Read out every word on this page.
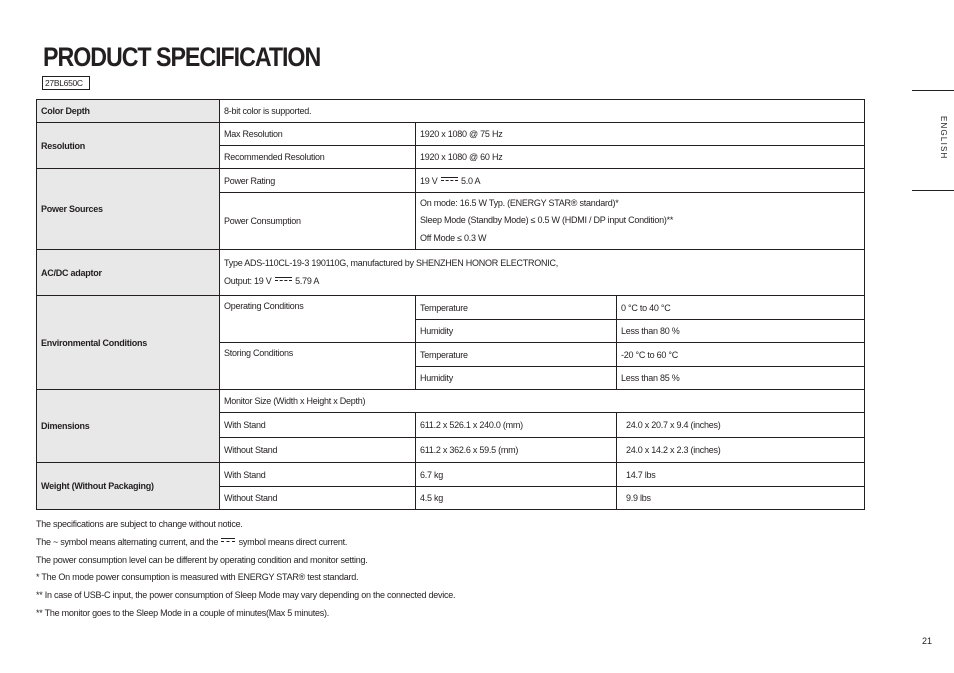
PRODUCT SPECIFICATION
27BL650C
ENGLISH
Color Depth	8-bit color is supported.		
Resolution	Max Resolution	1920 x 1080 @ 75 Hz	
	Recommended Resolution	1920 x 1080 @ 60 Hz	
Power Sources	Power Rating	19 V 5.0 A	
	Power Consumption	On mode: 16.5 W Typ. (ENERGY STAR® standard)*
Sleep Mode (Standby Mode) ≤ 0.5 W (HDMI / DP input Condition)**
Off Mode ≤ 0.3 W	

AC/DC adaptor	Type ADS-110CL-19-3 190110G, manufactured by SHENZHEN HONOR ELECTRONIC,
Output: 19 V 5.79 A		

Environmental Conditions	Operating Conditions	Temperature	0 °C to 40 °C
		Humidity	Less than 80 %
	Storing Conditions	Temperature	-20 °C to 60 °C
		Humidity	Less than 85 %
Dimensions	Monitor Size (Width x Height x Depth)		
	With Stand	611.2 x 526.1 x 240.0 (mm)	24.0 x 20.7 x 9.4 (inches)
	Without Stand	611.2 x 362.6 x 59.5 (mm)	24.0 x 14.2 x 2.3 (inches)
Weight (Without Packaging)	With Stand	6.7 kg	14.7 lbs
	Without Stand	4.5 kg	9.9 lbs
The specifications are subject to change without notice.
The ~ symbol means alternating current, and the symbol means direct current.
The power consumption level can be different by operating condition and monitor setting.
* The On mode power consumption is measured with ENERGY STAR® test standard.
** In case of USB-C input, the power consumption of Sleep Mode may vary depending on the connected device.
** The monitor goes to the Sleep Mode in a couple of minutes(Max 5 minutes).
21
